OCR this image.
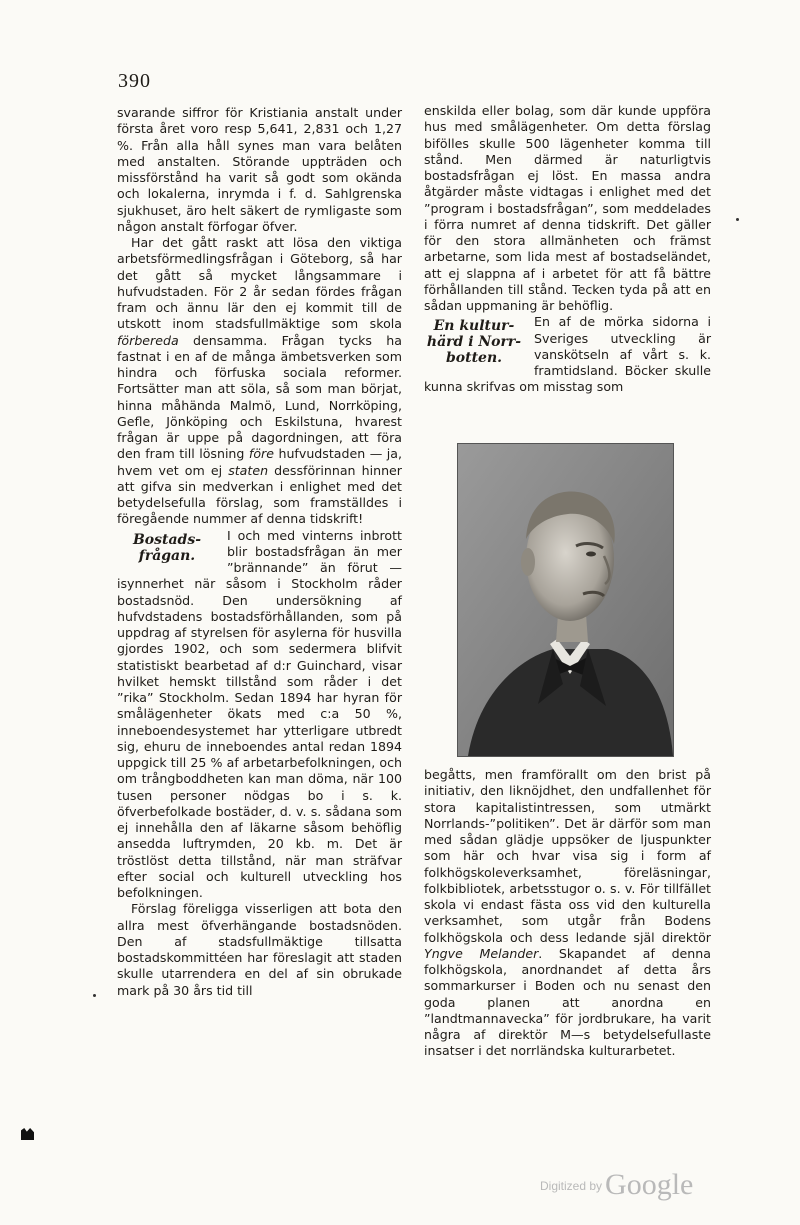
390

svarande siffror för Kristiania anstalt under första året voro resp 5,641, 2,831 och 1,27 %. Från alla håll synes man vara belåten med anstalten. Störande uppträden och missförstånd ha varit så godt som okända och lokalerna, inrymda i f. d. Sahlgrenska sjukhuset, äro helt säkert de rymligaste som någon anstalt förfogar öfver.

Har det gått raskt att lösa den viktiga arbetsförmedlingsfrågan i Göteborg, så har det gått så mycket långsammare i hufvudstaden. För 2 år sedan fördes frågan fram och ännu lär den ej kommit till de utskott inom stadsfullmäktige som skola förbereda densamma. Frågan tycks ha fastnat i en af de många ämbetsverken som hindra och förfuska sociala reformer. Fortsätter man att söla, så som man börjat, hinna måhända Malmö, Lund, Norrköping, Gefle, Jönköping och Eskilstuna, hvarest frågan är uppe på dagordningen, att föra den fram till lösning före hufvudstaden — ja, hvem vet om ej staten dessförinnan hinner att gifva sin medverkan i enlighet med det betydelsefulla förslag, som framställdes i föregående nummer af denna tidskrift!

Bostads-
frågan.
I och med vinterns inbrott blir bostadsfrågan än mer ”brännande” än förut — isynnerhet när såsom i Stockholm råder bostadsnöd. Den undersökning af hufvdstadens bostadsförhållanden, som på uppdrag af styrelsen för asylerna för husvilla gjordes 1902, och som sedermera blifvit statistiskt bearbetad af d:r Guinchard, visar hvilket hemskt tillstånd som råder i det ”rika” Stockholm. Sedan 1894 har hyran för smålägenheter ökats med c:a 50 %, inneboendesystemet har ytterligare utbredt sig, ehuru de inneboendes antal redan 1894 uppgick till 25 % af arbetarbefolkningen, och om trångboddheten kan man döma, när 100 tusen personer nödgas bo i s. k. öfverbefolkade bostäder, d. v. s. sådana som ej innehålla den af läkarne såsom behöflig ansedda luftrymden, 20 kb. m. Det är tröstlöst detta tillstånd, när man sträfvar efter social och kulturell utveckling hos befolkningen.

Förslag föreligga visserligen att bota den allra mest öfverhängande bostadsnöden. Den af stadsfullmäktige tillsatta bostadskommittéen har föreslagit att staden skulle utarrendera en del af sin obrukade mark på 30 års tid till

enskilda eller bolag, som där kunde uppföra hus med smålägenheter. Om detta förslag bifölles skulle 500 lägenheter komma till stånd. Men därmed är naturligtvis bostadsfrågan ej löst. En massa andra åtgärder måste vidtagas i enlighet med det ”program i bostadsfrågan”, som meddelades i förra numret af denna tidskrift. Det gäller för den stora allmänheten och främst arbetarne, som lida mest af bostadseländet, att ej slappna af i arbetet för att få bättre förhållanden till stånd. Tecken tyda på att en sådan uppmaning är behöflig.

En kultur-
härd i Norr-
botten.
En af de mörka sidorna i Sveriges utveckling är vanskötseln af vårt s. k. framtidsland. Böcker skulle kunna skrifvas om misstag som

begåtts, men framförallt om den brist på initiativ, den liknöjdhet, den undfallenhet för stora kapitalistintressen, som utmärkt Norrlands-”politiken”. Det är därför som man med sådan glädje uppsöker de ljuspunkter som här och hvar visa sig i form af folkhögskoleverksamhet, föreläsningar, folkbibliotek, arbetsstugor o. s. v. För tillfället skola vi endast fästa oss vid den kulturella verksamhet, som utgår från Bodens folkhögskola och dess ledande själ direktör Yngve Melander. Skapandet af denna folkhögskola, anordnandet af detta års sommarkurser i Boden och nu senast den goda planen att anordna en ”landtmannavecka” för jordbrukare, ha varit några af direktör M—s betydelsefullaste insatser i det norrländska kulturarbetet.

$^{Digitized by}$ Google
